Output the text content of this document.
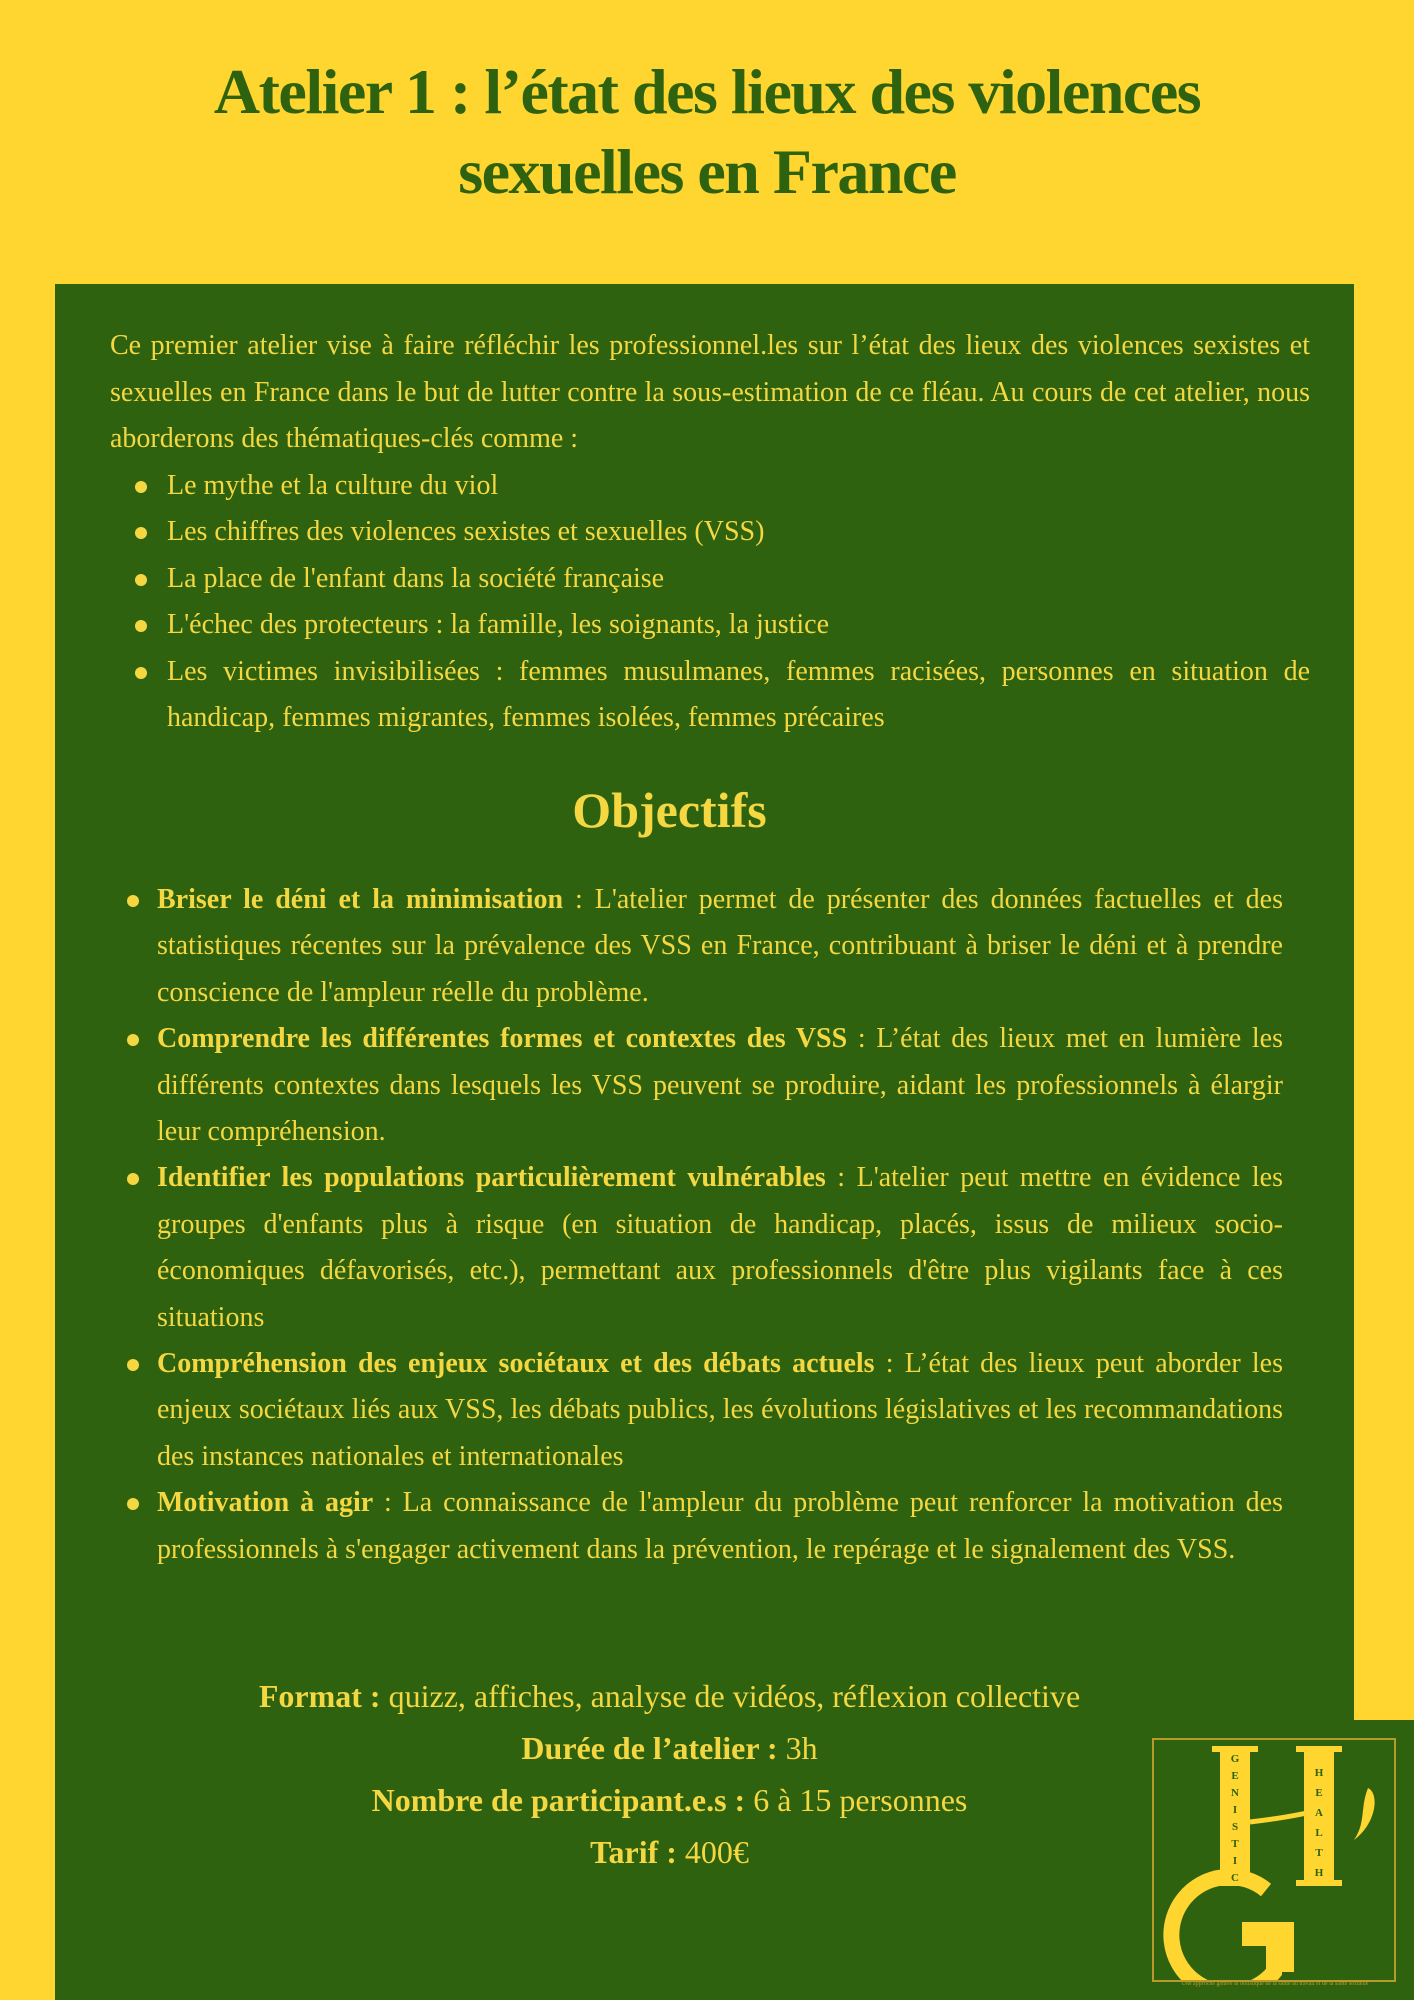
Atelier 1 : l’état des lieux des violences
sexuelles en France

Ce premier atelier vise à faire réfléchir les professionnel.les sur l’état des lieux des violences sexistes et sexuelles en France dans le but de lutter contre la sous-estimation de ce fléau. Au cours de cet atelier, nous aborderons des thématiques-clés comme :

Le mythe et la culture du viol
Les chiffres des violences sexistes et sexuelles (VSS)
La place de l'enfant dans la société française
L'échec des protecteurs : la famille, les soignants, la justice
Les victimes invisibilisées : femmes musulmanes, femmes racisées, personnes en situation de handicap, femmes migrantes, femmes isolées, femmes précaires
Objectifs
Briser le déni et la minimisation : L'atelier permet de présenter des données factuelles et des statistiques récentes sur la prévalence des VSS en France, contribuant à briser le déni et à prendre conscience de l'ampleur réelle du problème.
Comprendre les différentes formes et contextes des VSS : L’état des lieux met en lumière les différents contextes dans lesquels les VSS peuvent se produire, aidant les professionnels à élargir leur compréhension.
Identifier les populations particulièrement vulnérables : L'atelier peut mettre en évidence les groupes d'enfants plus à risque (en situation de handicap, placés, issus de milieux socio-économiques défavorisés, etc.), permettant aux professionnels d'être plus vigilants face à ces situations
Compréhension des enjeux sociétaux et des débats actuels : L’état des lieux peut aborder les enjeux sociétaux liés aux VSS, les débats publics, les évolutions législatives et les recommandations des instances nationales et internationales
Motivation à agir : La connaissance de l'ampleur du problème peut renforcer la motivation des professionnels à s'engager activement dans la prévention, le repérage et le signalement des VSS.
Format : quizz, affiches, analyse de vidéos, réflexion collective
Durée de l’atelier : 3h
Nombre de participant.e.s : 6 à 15 personnes
Tarif : 400€
G
E
N
I
S
T
I
C
H
E
A
L
T
H
Une approche genrée & holistique de la santé au travail et de la santé sexuelle
